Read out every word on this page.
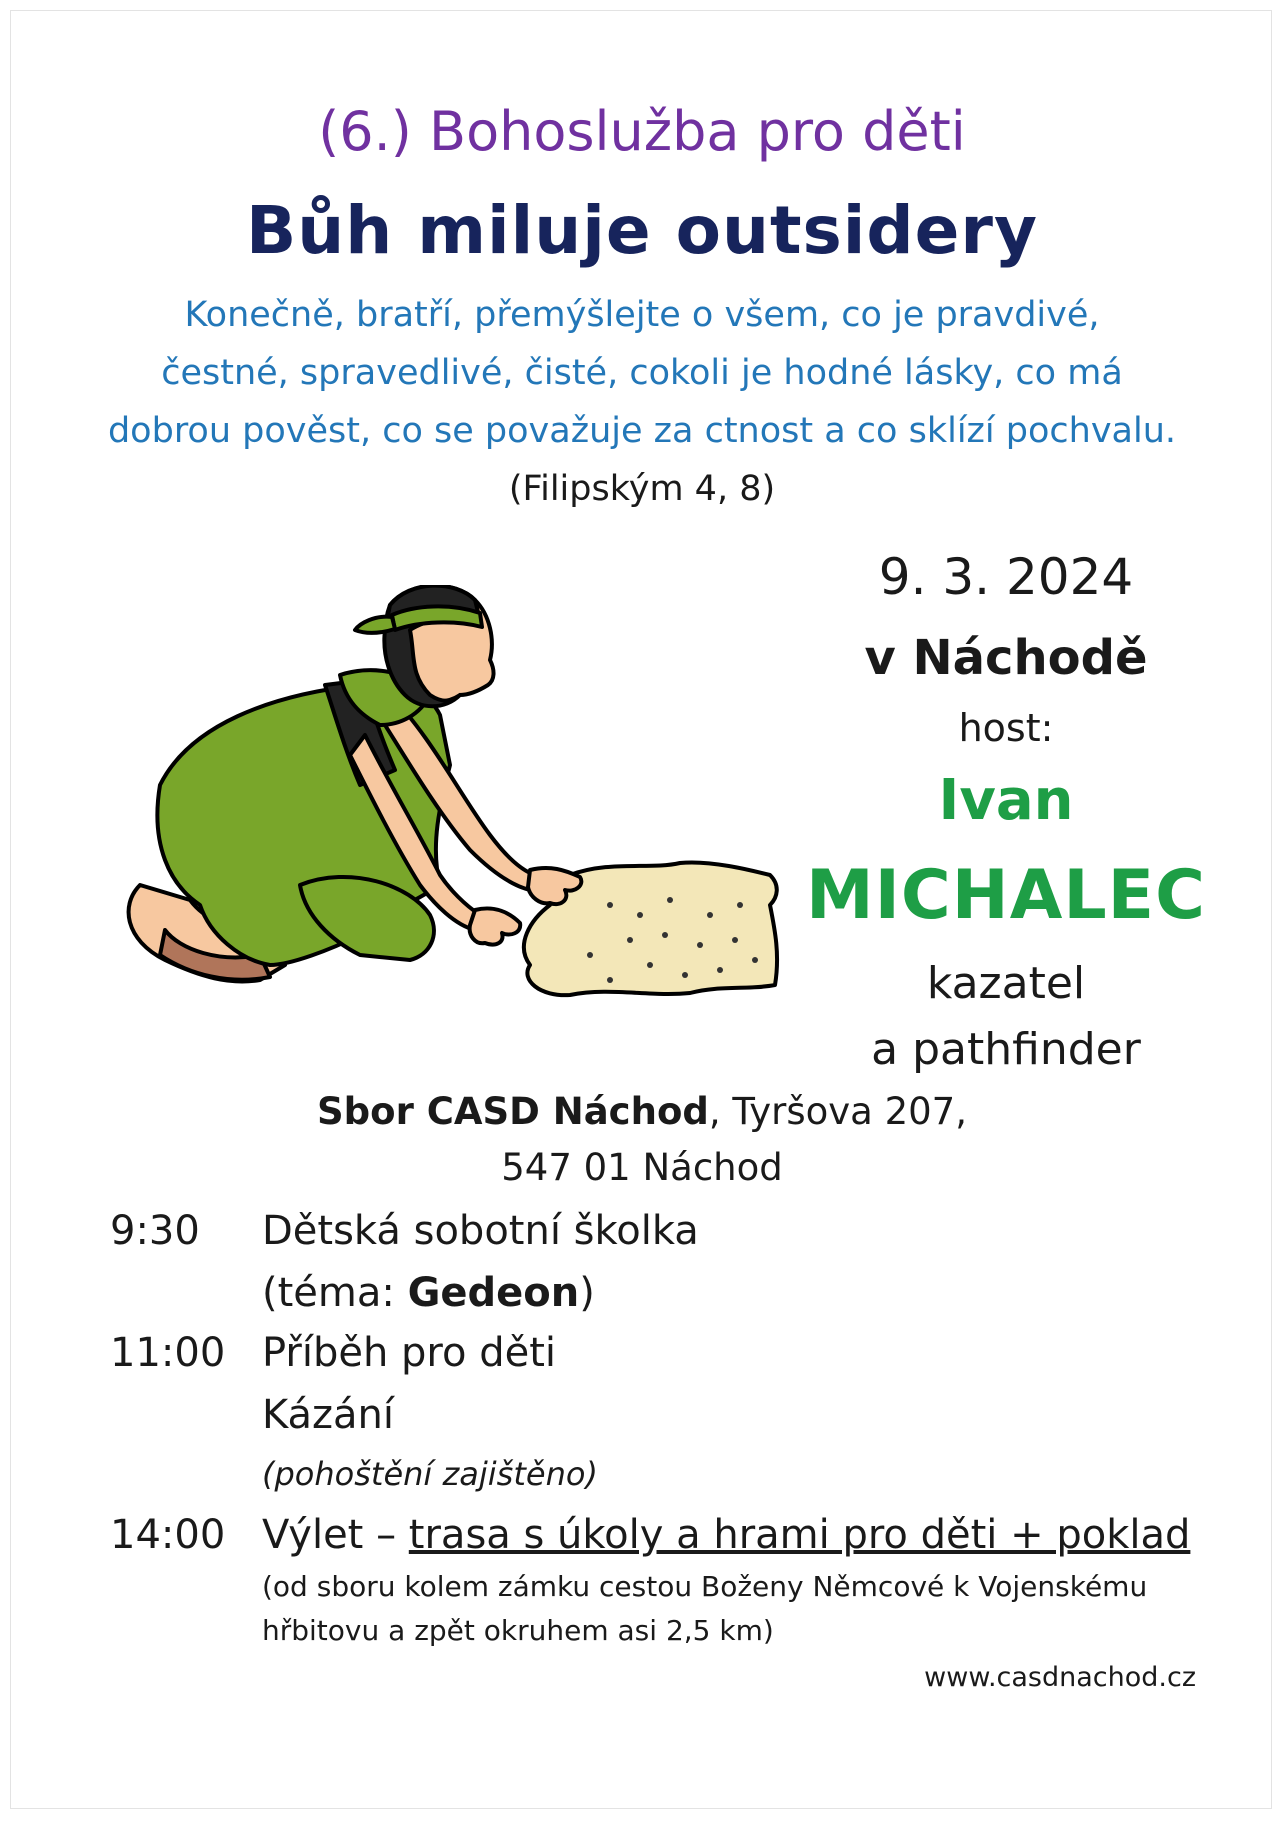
(6.) Bohoslužba pro děti
Bůh miluje outsidery
Konečně, bratří, přemýšlejte o všem, co je pravdivé,
čestné, spravedlivé, čisté, cokoli je hodné lásky, co má
dobrou pověst, co se považuje za ctnost a co sklízí pochvalu.
(Filipským 4, 8)
9. 3. 2024
v Náchodě
host:
Ivan
MICHALEC
kazatel
a pathfinder
Sbor CASD Náchod, Tyršova 207,
547 01 Náchod
9:30 Dětská sobotní školka
(téma: Gedeon)
11:00 Příběh pro děti
Kázání
(pohoštění zajištěno)
14:00 Výlet – trasa s úkoly a hrami pro děti + poklad
(od sboru kolem zámku cestou Boženy Němcové k Vojenskému
hřbitovu a zpět okruhem asi 2,5 km)
www.casdnachod.cz
